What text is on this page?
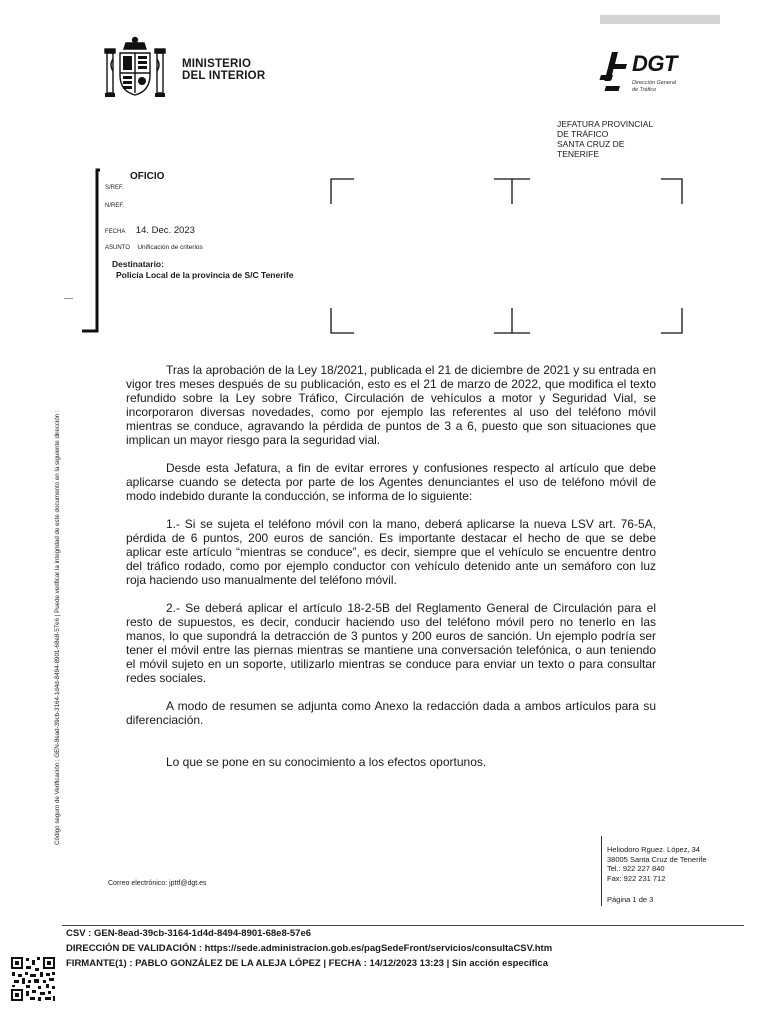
MINISTERIO
DEL INTERIOR	DGT
Dirección General
de Tráfico
JEFATURA PROVINCIAL
DE TRÁFICO
SANTA CRUZ DE
TENERIFE
OFICIO
S/REF.
N/REF.
FECHA 14. Dec. 2023
ASUNTO Unificación de criterios
Destinatario:
Policía Local de la provincia de S/C Tenerife
Código seguro de Verificación : GEN-8ead-39cb-3164-1d4d-8494-8901-68e8-57e6 | Puede verificar la integridad de este documento en la siguiente dirección :

Tras la aprobación de la Ley 18/2021, publicada el 21 de diciembre de 2021 y su entrada en vigor tres meses después de su publicación, esto es el 21 de marzo de 2022, que modifica el texto refundido sobre la Ley sobre Tráfico, Circulación de vehículos a motor y Seguridad Vial, se incorporaron diversas novedades, como por ejemplo las referentes al uso del teléfono móvil mientras se conduce, agravando la pérdida de puntos de 3 a 6, puesto que son situaciones que implican un mayor riesgo para la seguridad vial.

Desde esta Jefatura, a fin de evitar errores y confusiones respecto al artículo que debe aplicarse cuando se detecta por parte de los Agentes denunciantes el uso de teléfono móvil de modo indebido durante la conducción, se informa de lo siguiente:

1.- Si se sujeta el teléfono móvil con la mano, deberá aplicarse la nueva LSV art. 76-5A, pérdida de 6 puntos, 200 euros de sanción. Es importante destacar el hecho de que se debe aplicar este artículo “mientras se conduce”, es decir, siempre que el vehículo se encuentre dentro del tráfico rodado, como por ejemplo conductor con vehículo detenido ante un semáforo con luz roja haciendo uso manualmente del teléfono móvil.

2.- Se deberá aplicar el artículo 18-2-5B del Reglamento General de Circulación para el resto de supuestos, es decir, conducir haciendo uso del teléfono móvil pero no tenerlo en las manos, lo que supondrá la detracción de 3 puntos y 200 euros de sanción. Un ejemplo podría ser tener el móvil entre las piernas mientras se mantiene una conversación telefónica, o aun teniendo el móvil sujeto en un soporte, utilizarlo mientras se conduce para enviar un texto o para consultar redes sociales.

A modo de resumen se adjunta como Anexo la redacción dada a ambos artículos para su diferenciación.

Lo que se pone en su conocimiento a los efectos oportunos.

Heliodoro Rguez. López, 34
38005 Santa Cruz de Tenerife
Tel.: 922 227 840
Fax: 922 231 712
Página 1 de 3
Correo electrónico: jpttf@dgt.es
CSV : GEN-8ead-39cb-3164-1d4d-8494-8901-68e8-57e6
DIRECCIÓN DE VALIDACIÓN : https://sede.administracion.gob.es/pagSedeFront/servicios/consultaCSV.htm
FIRMANTE(1) : PABLO GONZÁLEZ DE LA ALEJA LÓPEZ | FECHA : 14/12/2023 13:23 | Sin acción específica
